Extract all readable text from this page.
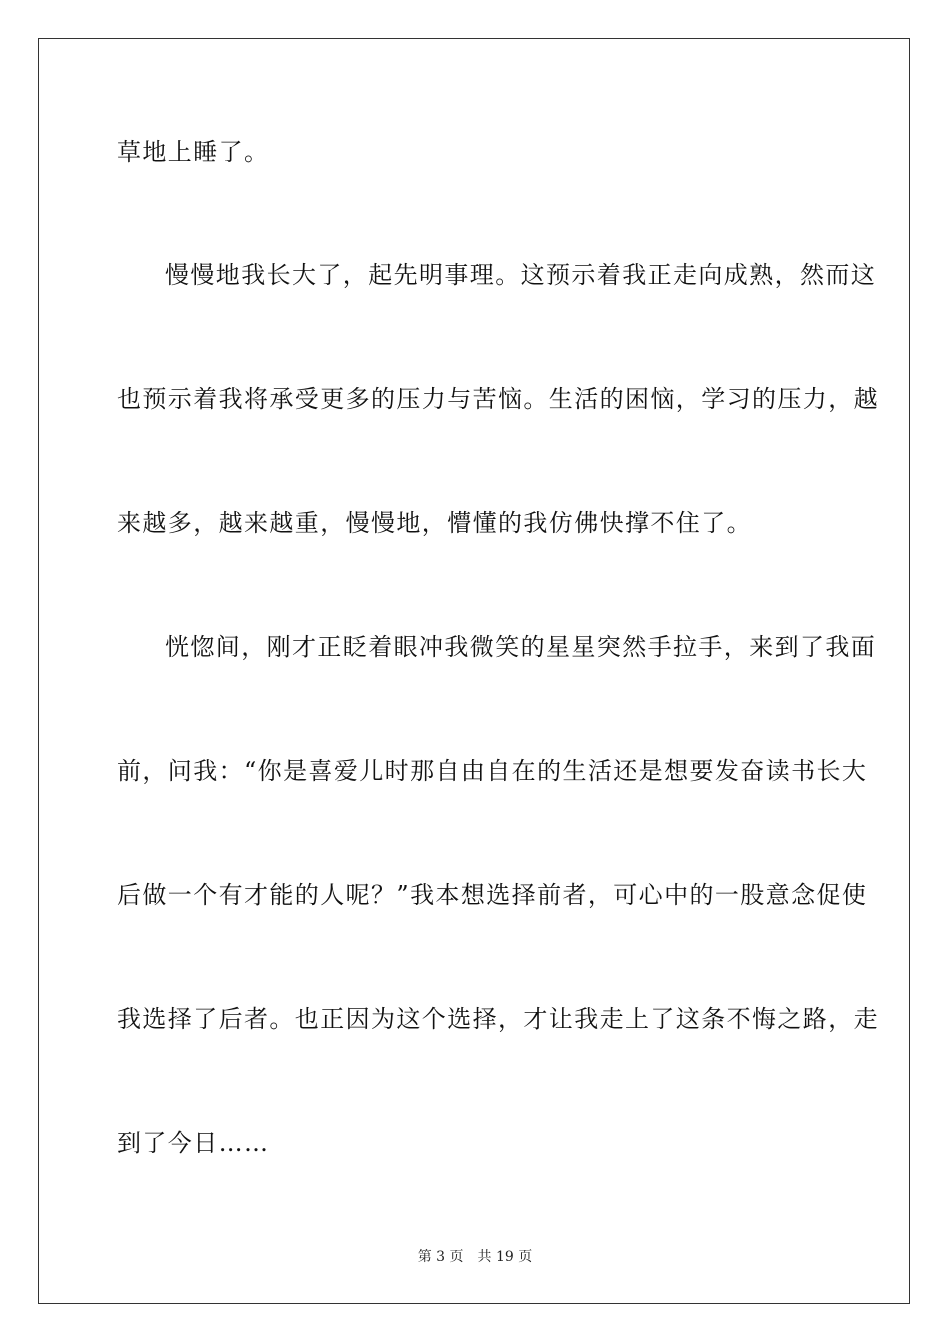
草地上睡了。
慢慢地我长大了，起先明事理。这预示着我正走向成熟，然而这
也预示着我将承受更多的压力与苦恼。生活的困恼，学习的压力，越
来越多，越来越重，慢慢地，懵懂的我仿佛快撑不住了。
恍惚间，刚才正眨着眼冲我微笑的星星突然手拉手，来到了我面
前，问我：“你是喜爱儿时那自由自在的生活还是想要发奋读书长大
后做一个有才能的人呢？”我本想选择前者，可心中的一股意念促使
我选择了后者。也正因为这个选择，才让我走上了这条不悔之路，走
到了今日……
第 3 页 共 19 页
